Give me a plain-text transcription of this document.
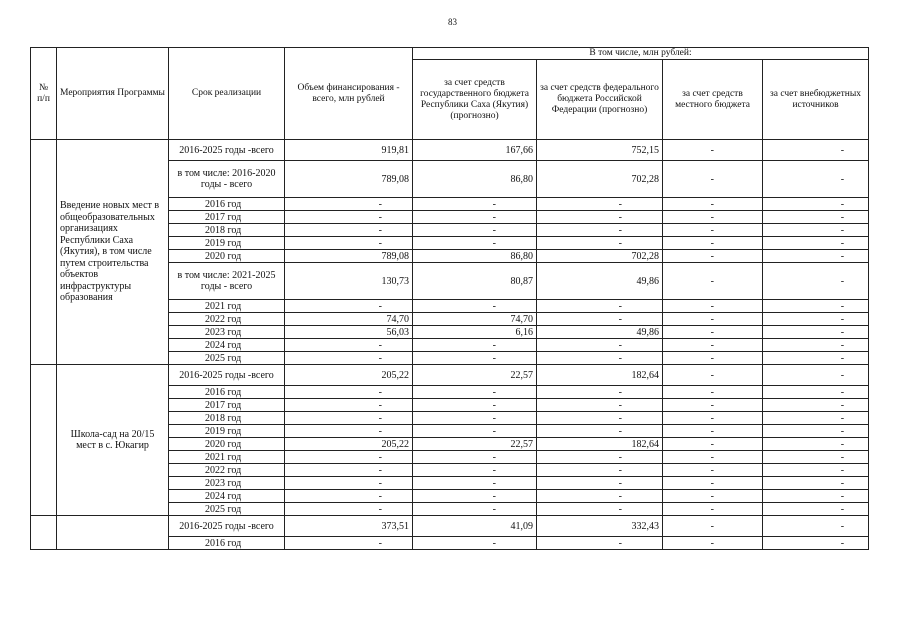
83
№ п/п	Мероприятия Программы	Срок реализации	Объем финансирования - всего, млн рублей	В том числе, млн рублей:			
				за счет средств государственного бюджета Республики Саха (Якутия) (прогнозно)	за счет средств федерального бюджета Российской Федерации (прогнозно)	за счет средств местного бюджета	за счет внебюджетных источников
	Введение новых мест в общеобразовательных организациях Республики Саха (Якутия), в том числе путем строительства объектов инфраструктуры образования	2016-2025 годы -всего	919,81	167,66	752,15	-	-
		в том числе: 2016-2020 годы - всего	789,08	86,80	702,28	-	-
		2016 год	-	-	-	-	-
		2017 год	-	-	-	-	-
		2018 год	-	-	-	-	-
		2019 год	-	-	-	-	-
		2020 год	789,08	86,80	702,28	-	-
		в том числе: 2021-2025 годы - всего	130,73	80,87	49,86	-	-
		2021 год	-	-	-	-	-
		2022 год	74,70	74,70	-	-	-
		2023 год	56,03	6,16	49,86	-	-
		2024 год	-	-	-	-	-
		2025 год	-	-	-	-	-
	Школа-сад на 20/15 мест в с. Юкагир	2016-2025 годы -всего	205,22	22,57	182,64	-	-
		2016 год	-	-	-	-	-
		2017 год	-	-	-	-	-
		2018 год	-	-	-	-	-
		2019 год	-	-	-	-	-
		2020 год	205,22	22,57	182,64	-	-
		2021 год	-	-	-	-	-
		2022 год	-	-	-	-	-
		2023 год	-	-	-	-	-
		2024 год	-	-	-	-	-
		2025 год	-	-	-	-	-
		2016-2025 годы -всего	373,51	41,09	332,43	-	-
		2016 год	-	-	-	-	-
